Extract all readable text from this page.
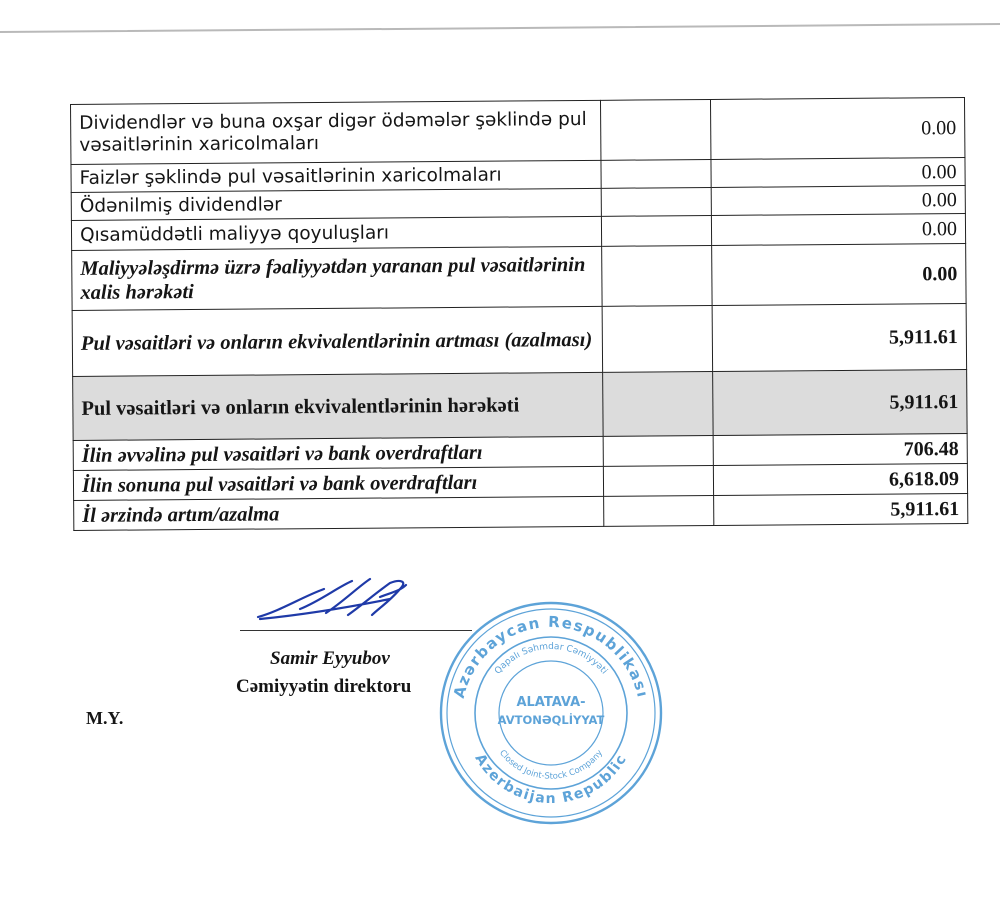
Dividendlər və buna oxşar digər ödəmələr şəklində pul vəsaitlərinin xaricolmaları		0.00
Faizlər şəklində pul vəsaitlərinin xaricolmaları		0.00
Ödənilmiş dividendlər		0.00
Qısamüddətli maliyyə qoyuluşları		0.00
Maliyyələşdirmə üzrə fəaliyyətdən yaranan pul vəsaitlərinin xalis hərəkəti		0.00
Pul vəsaitləri və onların ekvivalentlərinin artması (azalması)		5,911.61
Pul vəsaitləri və onların ekvivalentlərinin hərəkəti		5,911.61
İlin əvvəlinə pul vəsaitləri və bank overdraftları		706.48
İlin sonuna pul vəsaitləri və bank overdraftları		6,618.09
İl ərzində artım/azalma		5,911.61
Samir Eyyubov
Cəmiyyətin direktoru
M.Y.
Azərbaycan Respublikası
Azerbaijan Republic
Qapalı Səhmdar Cəmiyyəti
Closed Joint-Stock Company
ALATAVA-
AVTONƏQLİYYAT
